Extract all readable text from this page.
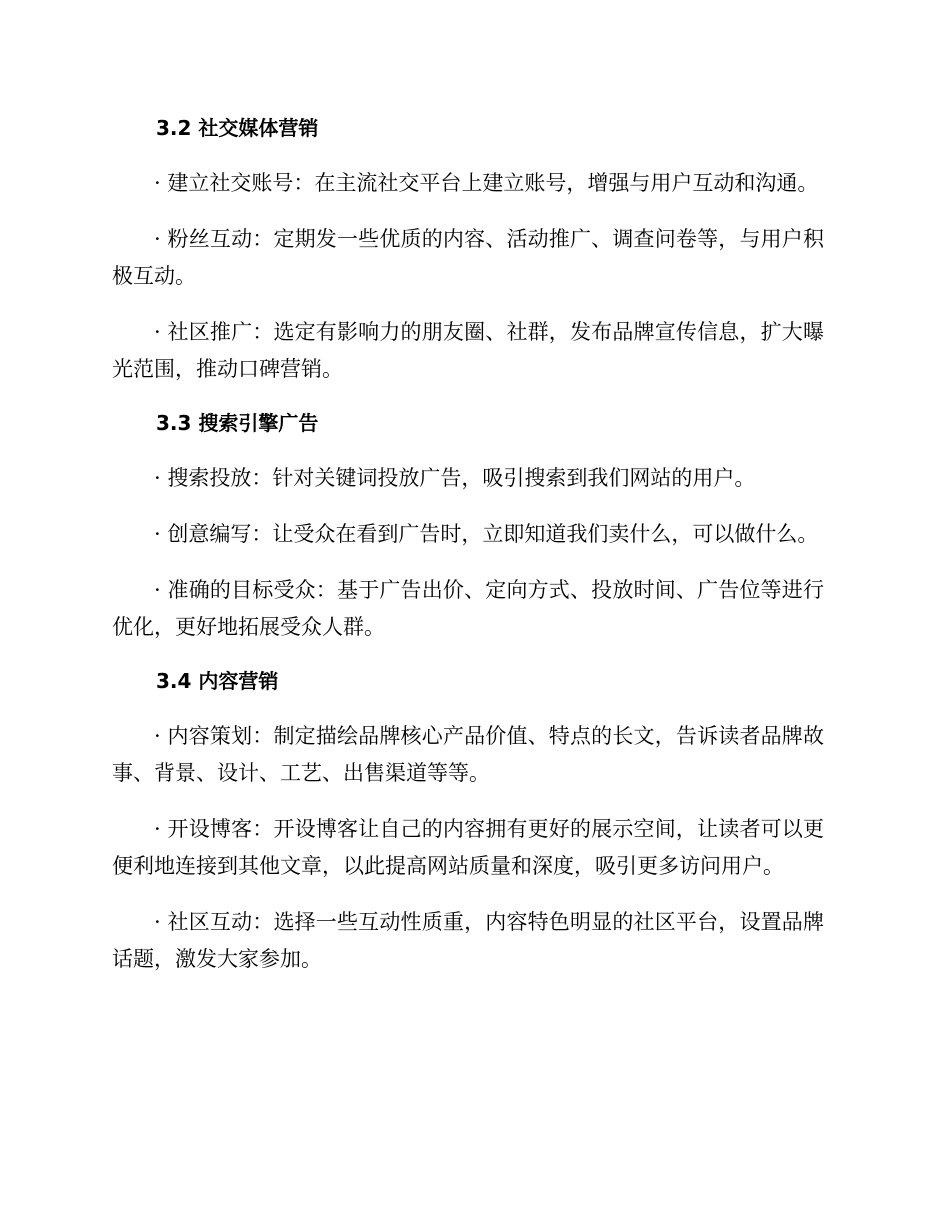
3.2 社交媒体营销

· 建立社交账号：在主流社交平台上建立账号，增强与用户互动和沟通。

· 粉丝互动：定期发一些优质的内容、活动推广、调查问卷等，与用户积极互动。

· 社区推广：选定有影响力的朋友圈、社群，发布品牌宣传信息，扩大曝光范围，推动口碑营销。

3.3 搜索引擎广告

· 搜索投放：针对关键词投放广告，吸引搜索到我们网站的用户。

· 创意编写：让受众在看到广告时，立即知道我们卖什么，可以做什么。

· 准确的目标受众：基于广告出价、定向方式、投放时间、广告位等进行优化，更好地拓展受众人群。

3.4 内容营销

· 内容策划：制定描绘品牌核心产品价值、特点的长文，告诉读者品牌故事、背景、设计、工艺、出售渠道等等。

· 开设博客：开设博客让自己的内容拥有更好的展示空间，让读者可以更便利地连接到其他文章，以此提高网站质量和深度，吸引更多访问用户。

· 社区互动：选择一些互动性质重，内容特色明显的社区平台，设置品牌话题，激发大家参加。
